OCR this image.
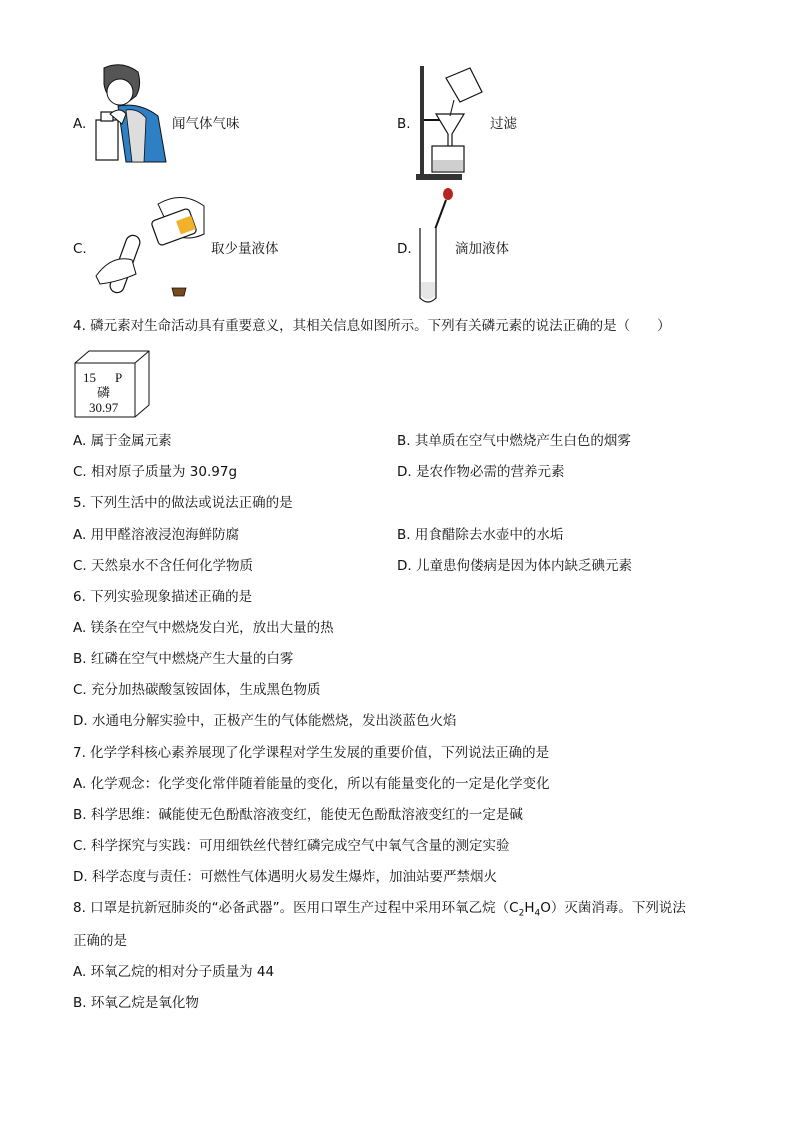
A.	闻气体气味	B.	过滤
C.	取少量液体	D.	滴加液体
4. 磷元素对生命活动具有重要意义，其相关信息如图所示。下列有关磷元素的说法正确的是（　　）
15 P
磷
30.97
A. 属于金属元素	B. 其单质在空气中燃烧产生白色的烟雾
C. 相对原子质量为 30.97g	D. 是农作物必需的营养元素
5. 下列生活中的做法或说法正确的是
A. 用甲醛溶液浸泡海鲜防腐	B. 用食醋除去水壶中的水垢
C. 天然泉水不含任何化学物质	D. 儿童患佝偻病是因为体内缺乏碘元素
6. 下列实验现象描述正确的是
A. 镁条在空气中燃烧发白光，放出大量的热
B. 红磷在空气中燃烧产生大量的白雾
C. 充分加热碳酸氢铵固体，生成黑色物质
D. 水通电分解实验中，正极产生的气体能燃烧，发出淡蓝色火焰
7. 化学学科核心素养展现了化学课程对学生发展的重要价值，下列说法正确的是
A. 化学观念：化学变化常伴随着能量的变化，所以有能量变化的一定是化学变化
B. 科学思维：碱能使无色酚酞溶液变红，能使无色酚酞溶液变红的一定是碱
C. 科学探究与实践：可用细铁丝代替红磷完成空气中氧气含量的测定实验
D. 科学态度与责任：可燃性气体遇明火易发生爆炸，加油站要严禁烟火
8. 口罩是抗新冠肺炎的“必备武器”。医用口罩生产过程中采用环氧乙烷$(C_2H_4O)$灭菌消毒。下列说法
正确的是
A. 环氧乙烷的相对分子质量为 44
B. 环氧乙烷是氧化物
